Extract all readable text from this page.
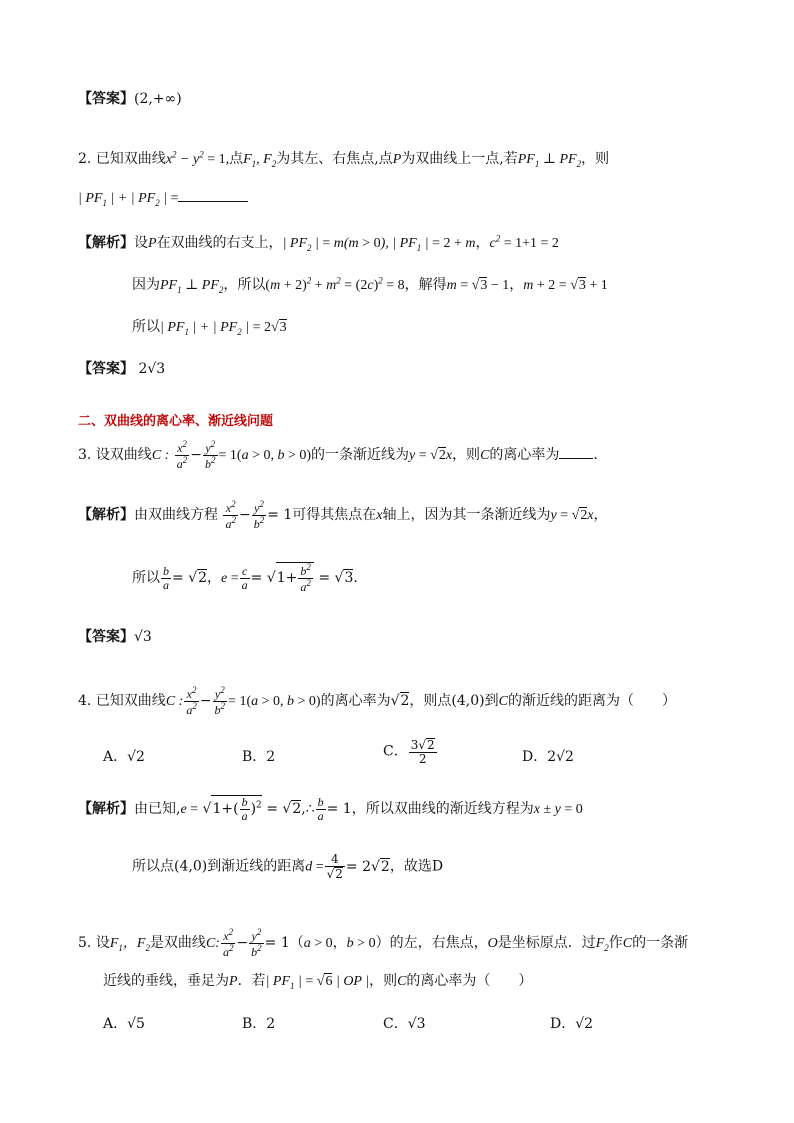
【答案】(2,+∞)
2. 已知双曲线$x^2 - y^2 = 1$,点$F_1$, $F_2$为其左、右焦点,点P为双曲线上一点,若$PF_1$ ⊥ $PF_2$，则
| $PF_1$ | + | $PF_2$ | =
【解析】设P在双曲线的右支上，| $PF_2$ | = m(m > 0), | $PF_1$ | = 2 + m，$c^2 = 1+1 = 2$
因为$PF_1$ ⊥ $PF_2$，所以$(m + 2)^2 + m^2 = (2c)^2 = 8$，解得m = √3 − 1，m + 2 = √3 + 1
所以| $PF_1$ | + | $PF_2$ | = 2√3
【答案】 2√3
二、双曲线的离心率、渐近线问题
3. 设双曲线C : $\frac{x^2}{a^2} - \frac{y^2}{b^2} = 1(a > 0$, b > 0)的一条渐近线为y = √2x，则C的离心率为 .
【解析】由双曲线方程 $\frac{x^2}{a^2} - \frac{y^2}{b^2} = 1$可得其焦点在x轴上，因为其一条渐近线为y = √2x，
所以 $\frac{b}{a} = √2$，$e = \frac{c}{a} = √1+ \frac{b^2}{a^2} = √3$.
【答案】√3
4. 已知双曲线C : $\frac{x^2}{a^2} - \frac{y^2}{b^2} = 1(a > 0$, b > 0)的离心率为√2，则点(4,0)到C的渐近线的距离为（　　）
A．√2	B．2	C． $\frac{3√2}{2}$	D．2√2
【解析】由已知$,e = √1+( \frac{b}{a} )^2$ = √2,∴ $\frac{b}{a} = 1$，所以双曲线的渐近线方程为x ± y = 0
所以点(4,0)到渐近线的距离$d = \frac{4}{√2} = 2√2$，故选D
5. 设$F_1$，$F_2$是双曲线C: $\frac{x^2}{a^2} - \frac{y^2}{b^2} = 1(a > 0$，b > 0）的左，右焦点，O是坐标原点．过$F_2$作C的一条渐
近线的垂线，垂足为P．若| $PF_1$ | = √6 | OP |，则C的离心率为（　　）
A．√5	B．2	C．√3	D．√2
